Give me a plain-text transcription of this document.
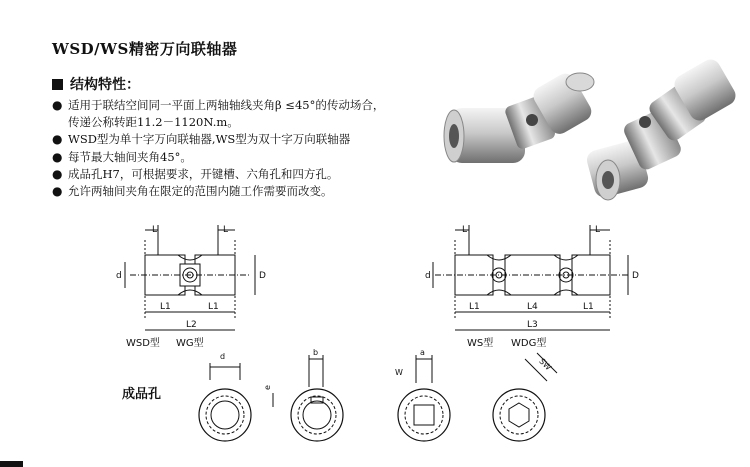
WSD/WS精密万向联轴器
结构特性：
● 适用于联结空间同一平面上两轴轴线夹角β ≤45°的传动场合，
传递公称转距11.2－1120N.m。
● WSD型为单十字万向联轴器,WS型为双十字万向联轴器
● 每节最大轴间夹角45°。
● 成品孔H7，可根据要求，开键槽、六角孔和四方孔。
● 允许两轴间夹角在限定的范围内随工作需要而改变。
L	L
d	D
L1	L1
L2
WSD型 WG型
L	L
d	D
L1	L4	L1
L3
WS型 WDG型
成品孔
d	b
e
a
W
SW
